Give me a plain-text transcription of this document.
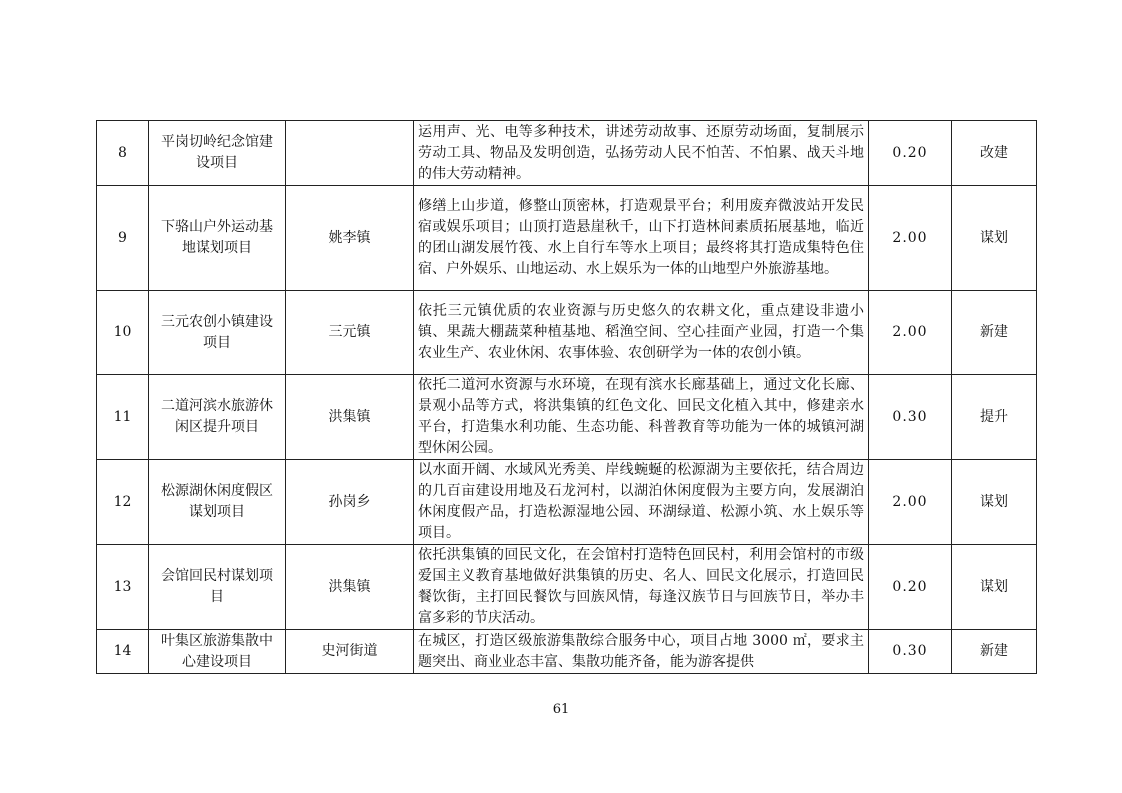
8	平岗切岭纪念馆建设项目		运用声、光、电等多种技术，讲述劳动故事、还原劳动场面，复制展示劳动工具、物品及发明创造，弘扬劳动人民不怕苦、不怕累、战天斗地的伟大劳动精神。	0.20	改建
9	下骆山户外运动基地谋划项目	姚李镇	修缮上山步道，修整山顶密林，打造观景平台；利用废弃微波站开发民宿或娱乐项目；山顶打造悬崖秋千，山下打造林间素质拓展基地，临近的团山湖发展竹筏、水上自行车等水上项目；最终将其打造成集特色住宿、户外娱乐、山地运动、水上娱乐为一体的山地型户外旅游基地。	2.00	谋划
10	三元农创小镇建设项目	三元镇	依托三元镇优质的农业资源与历史悠久的农耕文化，重点建设非遗小镇、果蔬大棚蔬菜种植基地、稻渔空间、空心挂面产业园，打造一个集农业生产、农业休闲、农事体验、农创研学为一体的农创小镇。	2.00	新建
11	二道河滨水旅游休闲区提升项目	洪集镇	依托二道河水资源与水环境，在现有滨水长廊基础上，通过文化长廊、景观小品等方式，将洪集镇的红色文化、回民文化植入其中，修建亲水平台，打造集水利功能、生态功能、科普教育等功能为一体的城镇河湖型休闲公园。	0.30	提升
12	松源湖休闲度假区谋划项目	孙岗乡	以水面开阔、水域风光秀美、岸线蜿蜒的松源湖为主要依托，结合周边的几百亩建设用地及石龙河村，以湖泊休闲度假为主要方向，发展湖泊休闲度假产品，打造松源湿地公园、环湖绿道、松源小筑、水上娱乐等项目。	2.00	谋划
13	会馆回民村谋划项目	洪集镇	依托洪集镇的回民文化，在会馆村打造特色回民村，利用会馆村的市级爱国主义教育基地做好洪集镇的历史、名人、回民文化展示，打造回民餐饮街，主打回民餐饮与回族风情，每逢汉族节日与回族节日，举办丰富多彩的节庆活动。	0.20	谋划
14	叶集区旅游集散中心建设项目	史河街道	在城区，打造区级旅游集散综合服务中心，项目占地 3000 ㎡，要求主题突出、商业业态丰富、集散功能齐备，能为游客提供	0.30	新建
61
